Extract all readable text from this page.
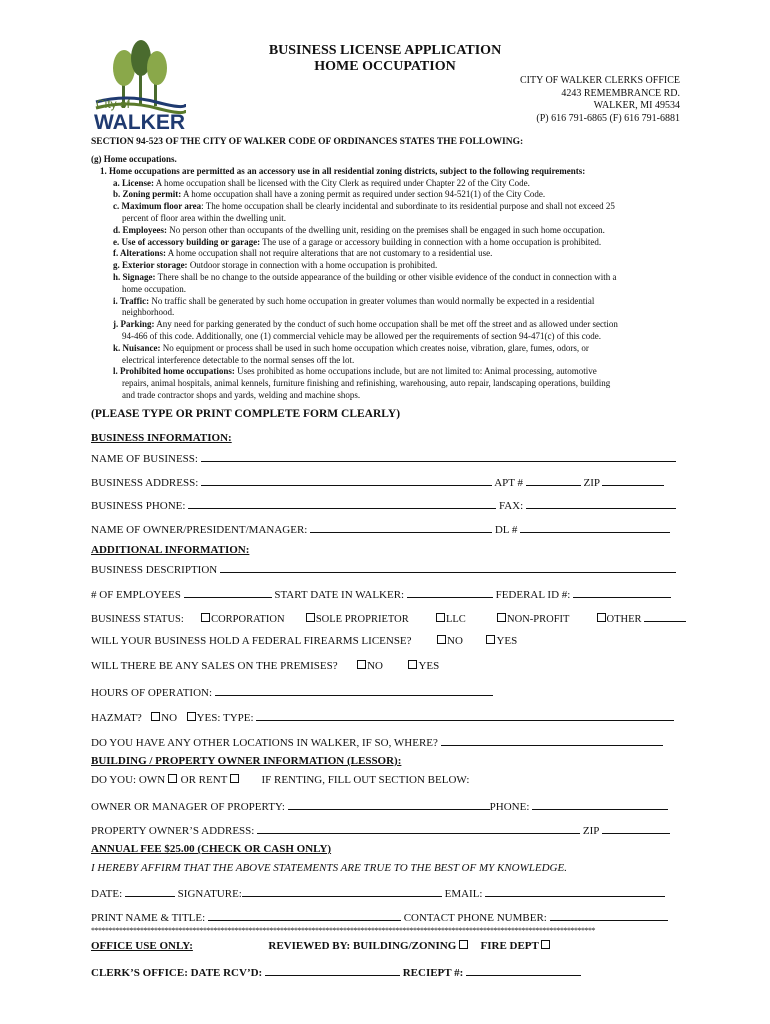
City of
WALKER
BUSINESS LICENSE APPLICATION
HOME OCCUPATION
CITY OF WALKER CLERKS OFFICE
4243 REMEMBRANCE RD.
WALKER, MI 49534
(P) 616 791-6865 (F) 616 791-6881
SECTION 94-523 OF THE CITY OF WALKER CODE OF ORDINANCES STATES THE FOLLOWING:
(g) Home occupations.
1. Home occupations are permitted as an accessory use in all residential zoning districts, subject to the following requirements:
a. License: A home occupation shall be licensed with the City Clerk as required under Chapter 22 of the City Code.
b. Zoning permit: A home occupation shall have a zoning permit as required under section 94-521(1) of the City Code.
c. Maximum floor area: The home occupation shall be clearly incidental and subordinate to its residential purpose and shall not exceed 25
percent of floor area within the dwelling unit.
d. Employees: No person other than occupants of the dwelling unit, residing on the premises shall be engaged in such home occupation.
e. Use of accessory building or garage: The use of a garage or accessory building in connection with a home occupation is prohibited.
f. Alterations: A home occupation shall not require alterations that are not customary to a residential use.
g. Exterior storage: Outdoor storage in connection with a home occupation is prohibited.
h. Signage: There shall be no change to the outside appearance of the building or other visible evidence of the conduct in connection with a
home occupation.
i. Traffic: No traffic shall be generated by such home occupation in greater volumes than would normally be expected in a residential
neighborhood.
j. Parking: Any need for parking generated by the conduct of such home occupation shall be met off the street and as allowed under section
94-466 of this code. Additionally, one (1) commercial vehicle may be allowed per the requirements of section 94-471(c) of this code.
k. Nuisance: No equipment or process shall be used in such home occupation which creates noise, vibration, glare, fumes, odors, or
electrical interference detectable to the normal senses off the lot.
l. Prohibited home occupations: Uses prohibited as home occupations include, but are not limited to: Animal processing, automotive
repairs, animal hospitals, animal kennels, furniture finishing and refinishing, warehousing, auto repair, landscaping operations, building
and trade contractor shops and yards, welding and machine shops.
(PLEASE TYPE OR PRINT COMPLETE FORM CLEARLY)
BUSINESS INFORMATION:
NAME OF BUSINESS:
BUSINESS ADDRESS:	APT #	ZIP
BUSINESS PHONE:	FAX:
NAME OF OWNER/PRESIDENT/MANAGER:	DL #
ADDITIONAL INFORMATION:
BUSINESS DESCRIPTION
# OF EMPLOYEES	START DATE IN WALKER:	FEDERAL ID #:
BUSINESS STATUS:	CORPORATION	SOLE PROPRIETOR	LLC	NON-PROFIT	OTHER
WILL YOUR BUSINESS HOLD A FEDERAL FIREARMS LICENSE?	NO	YES
WILL THERE BE ANY SALES ON THE PREMISES?	NO	YES
HOURS OF OPERATION:
HAZMAT? NO YES: TYPE:
DO YOU HAVE ANY OTHER LOCATIONS IN WALKER, IF SO, WHERE?
BUILDING / PROPERTY OWNER INFORMATION (LESSOR):
DO YOU: OWN  OR RENT	IF RENTING, FILL OUT SECTION BELOW:
OWNER OR MANAGER OF PROPERTY:	PHONE:
PROPERTY OWNER’S ADDRESS:	ZIP
ANNUAL FEE $25.00 (CHECK OR CASH ONLY)
I HEREBY AFFIRM THAT THE ABOVE STATEMENTS ARE TRUE TO THE BEST OF MY KNOWLEDGE.
DATE:	SIGNATURE:	EMAIL:
PRINT NAME & TITLE:	CONTACT PHONE NUMBER:
************************************************************************************************************************************************
OFFICE USE ONLY:	REVIEWED BY: BUILDING/ZONING FIRE DEPT
CLERK’S OFFICE: DATE RCV’D:	RECIEPT #:
